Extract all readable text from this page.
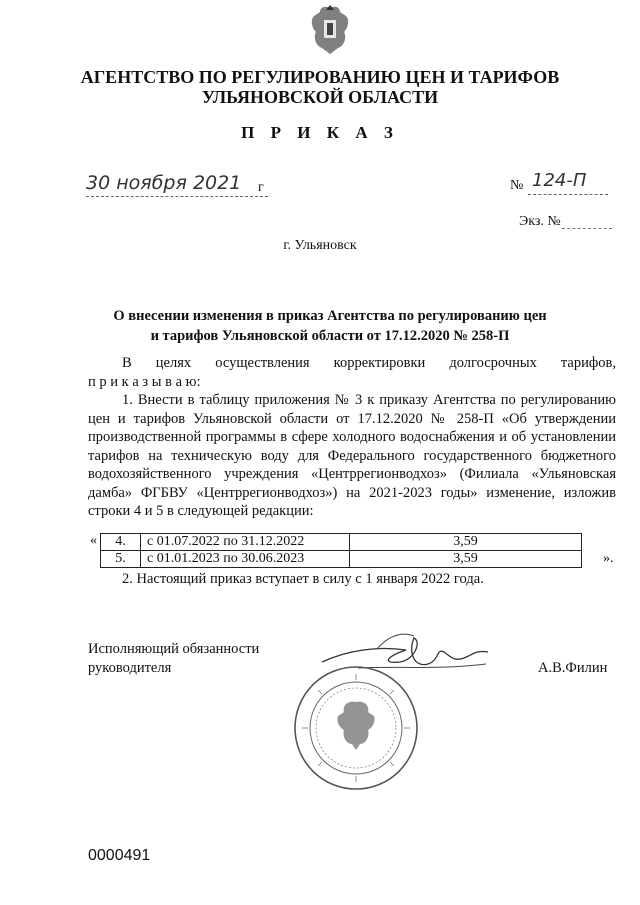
АГЕНТСТВО ПО РЕГУЛИРОВАНИЮ ЦЕН И ТАРИФОВ
УЛЬЯНОВСКОЙ ОБЛАСТИ
П Р И К А З
30 ноября 2021 г	№ 124-П
Экз. №
г. Ульяновск
О внесении изменения в приказ Агентства по регулированию цен
и тарифов Ульяновской области от 17.12.2020 № 258-П
В целях осуществления корректировки долгосрочных тарифов,
п р и к а з ы в а ю:
1. Внести в таблицу приложения № 3 к приказу Агентства по регулированию цен и тарифов Ульяновской области от 17.12.2020 № 258-П «Об утверждении производственной программы в сфере холодного водоснабжения и об установлении тарифов на техническую воду для Федерального государственного бюджетного водохозяйственного учреждения «Центррегионводхоз» (Филиала «Ульяновская дамба» ФГБВУ «Центррегионводхоз») на 2021-2023 годы» изменение, изложив строки 4 и 5 в следующей редакции:
« 4.	с 01.07.2022 по 31.12.2022	3,59
5.	с 01.01.2023 по 30.06.2023	3,59	».
2. Настоящий приказ вступает в силу с 1 января 2022 года.
Исполняющий обязанности
руководителя	А.В.Филин
0000491
